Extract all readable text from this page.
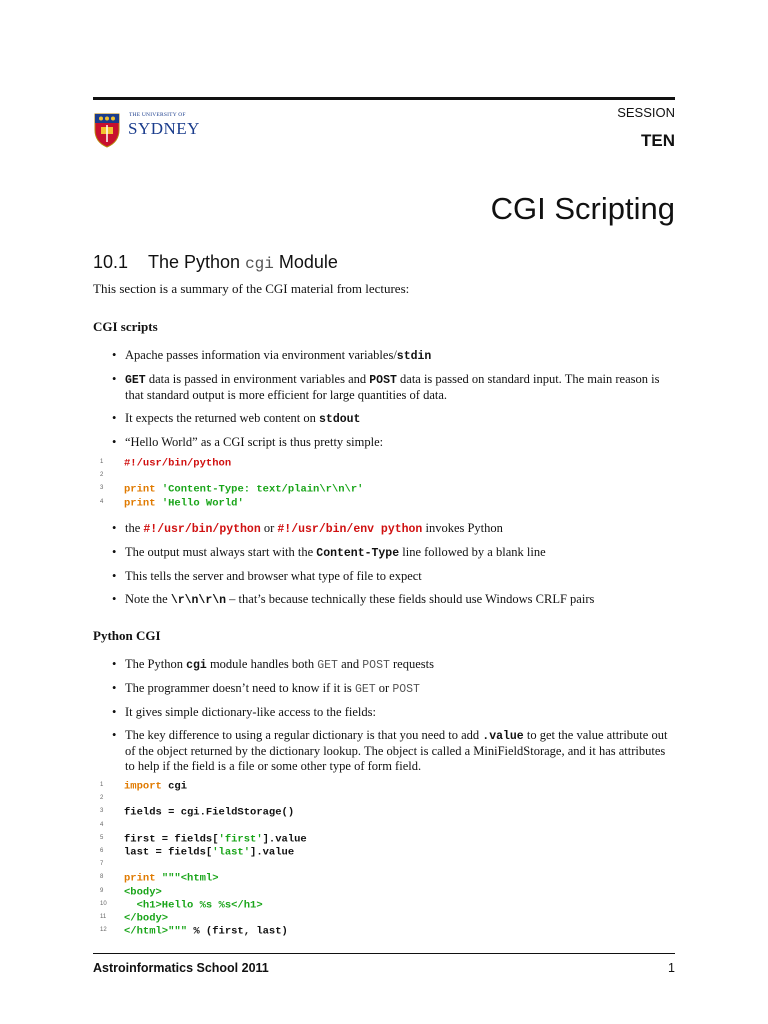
THE UNIVERSITY OF
SYDNEY
SESSION
TEN
CGI Scripting
10.1 The Python cgi Module
This section is a summary of the CGI material from lectures:
CGI scripts
• Apache passes information via environment variables/stdin
• GET data is passed in environment variables and POST data is passed on standard input. The main reason is that standard output is more efficient for large quantities of data.
• It expects the returned web content on stdout
• “Hello World” as a CGI script is thus pretty simple:
1 #!/usr/bin/python
2
3 print 'Content-Type: text/plain\r\n\r'
4 print 'Hello World'
• the #!/usr/bin/python or #!/usr/bin/env python invokes Python
• The output must always start with the Content-Type line followed by a blank line
• This tells the server and browser what type of file to expect
• Note the \r\n\r\n – that’s because technically these fields should use Windows CRLF pairs
Python CGI
• The Python cgi module handles both GET and POST requests
• The programmer doesn’t need to know if it is GET or POST
• It gives simple dictionary-like access to the fields:
• The key difference to using a regular dictionary is that you need to add .value to get the value attribute out of the object returned by the dictionary lookup. The object is called a MiniFieldStorage, and it has attributes to help if the field is a file or some other type of form field.
1 import cgi
2
3 fields = cgi.FieldStorage()
4
5 first = fields['first'].value
6 last = fields['last'].value
7
8 print """<html>
9 <body>
10  <h1>Hello %s %s</h1>
11 </body>
12 </html>""" % (first, last)
Astroinformatics School 2011	1
